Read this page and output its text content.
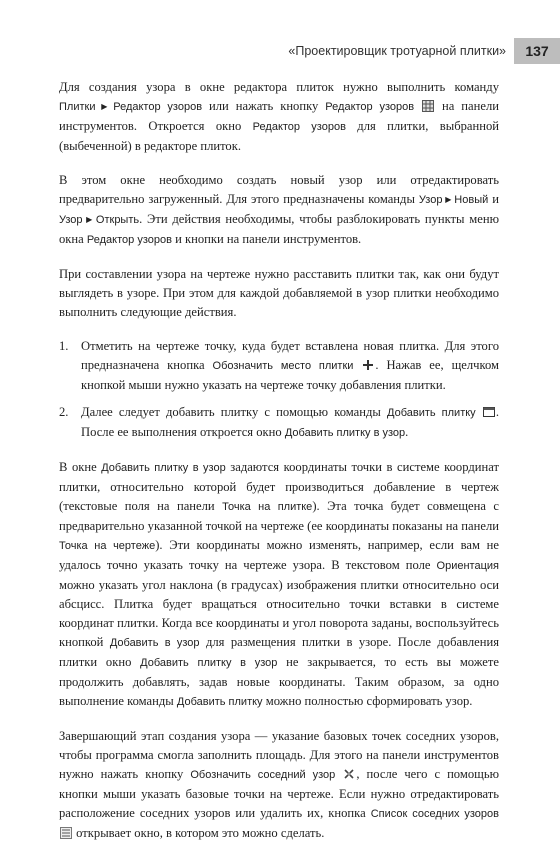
«Проектировщик тротуарной плитки»	137

Для создания узора в окне редактора плиток нужно выполнить команду Плитки ▶ Редактор узоров или нажать кнопку Редактор узоров на панели инструментов. Откроется окно Редактор узоров для плитки, выбранной (выбеченной) в редакторе плиток.

В этом окне необходимо создать новый узор или отредактировать предварительно загруженный. Для этого предназначены команды Узор ▶ Новый и Узор ▶ Открыть. Эти действия необходимы, чтобы разблокировать пункты меню окна Редактор узоров и кнопки на панели инструментов.

При составлении узора на чертеже нужно расставить плитки так, как они будут выглядеть в узоре. При этом для каждой добавляемой в узор плитки необходимо выполнить следующие действия.

1. Отметить на чертеже точку, куда будет вставлена новая плитка. Для этого предназначена кнопка Обозначить место плитки . Нажав ее, щелчком кнопкой мыши нужно указать на чертеже точку добавления плитки.
2. Далее следует добавить плитку с помощью команды Добавить плитку . После ее выполнения откроется окно Добавить плитку в узор.

В окне Добавить плитку в узор задаются координаты точки в системе координат плитки, относительно которой будет производиться добавление в чертеж (текстовые поля на панели Точка на плитке). Эта точка будет совмещена с предварительно указанной точкой на чертеже (ее координаты показаны на панели Точка на чертеже). Эти координаты можно изменять, например, если вам не удалось точно указать точку на чертеже узора. В текстовом поле Ориентация можно указать угол наклона (в градусах) изображения плитки относительно оси абсцисс. Плитка будет вращаться относительно точки вставки в системе координат плитки. Когда все координаты и угол поворота заданы, воспользуйтесь кнопкой Добавить в узор для размещения плитки в узоре. После добавления плитки окно Добавить плитку в узор не закрывается, то есть вы можете продолжить добавлять, задав новые координаты. Таким образом, за одно выполнение команды Добавить плитку можно полностью сформировать узор.

Завершающий этап создания узора — указание базовых точек соседних узоров, чтобы программа смогла заполнить площадь. Для этого на панели инструментов нужно нажать кнопку Обозначить соседний узор , после чего с помощью кнопки мыши указать базовые точки на чертеже. Если нужно отредактировать расположение соседних узоров или удалить их, кнопка Список соседних узоров  открывает окно, в котором это можно сделать.
